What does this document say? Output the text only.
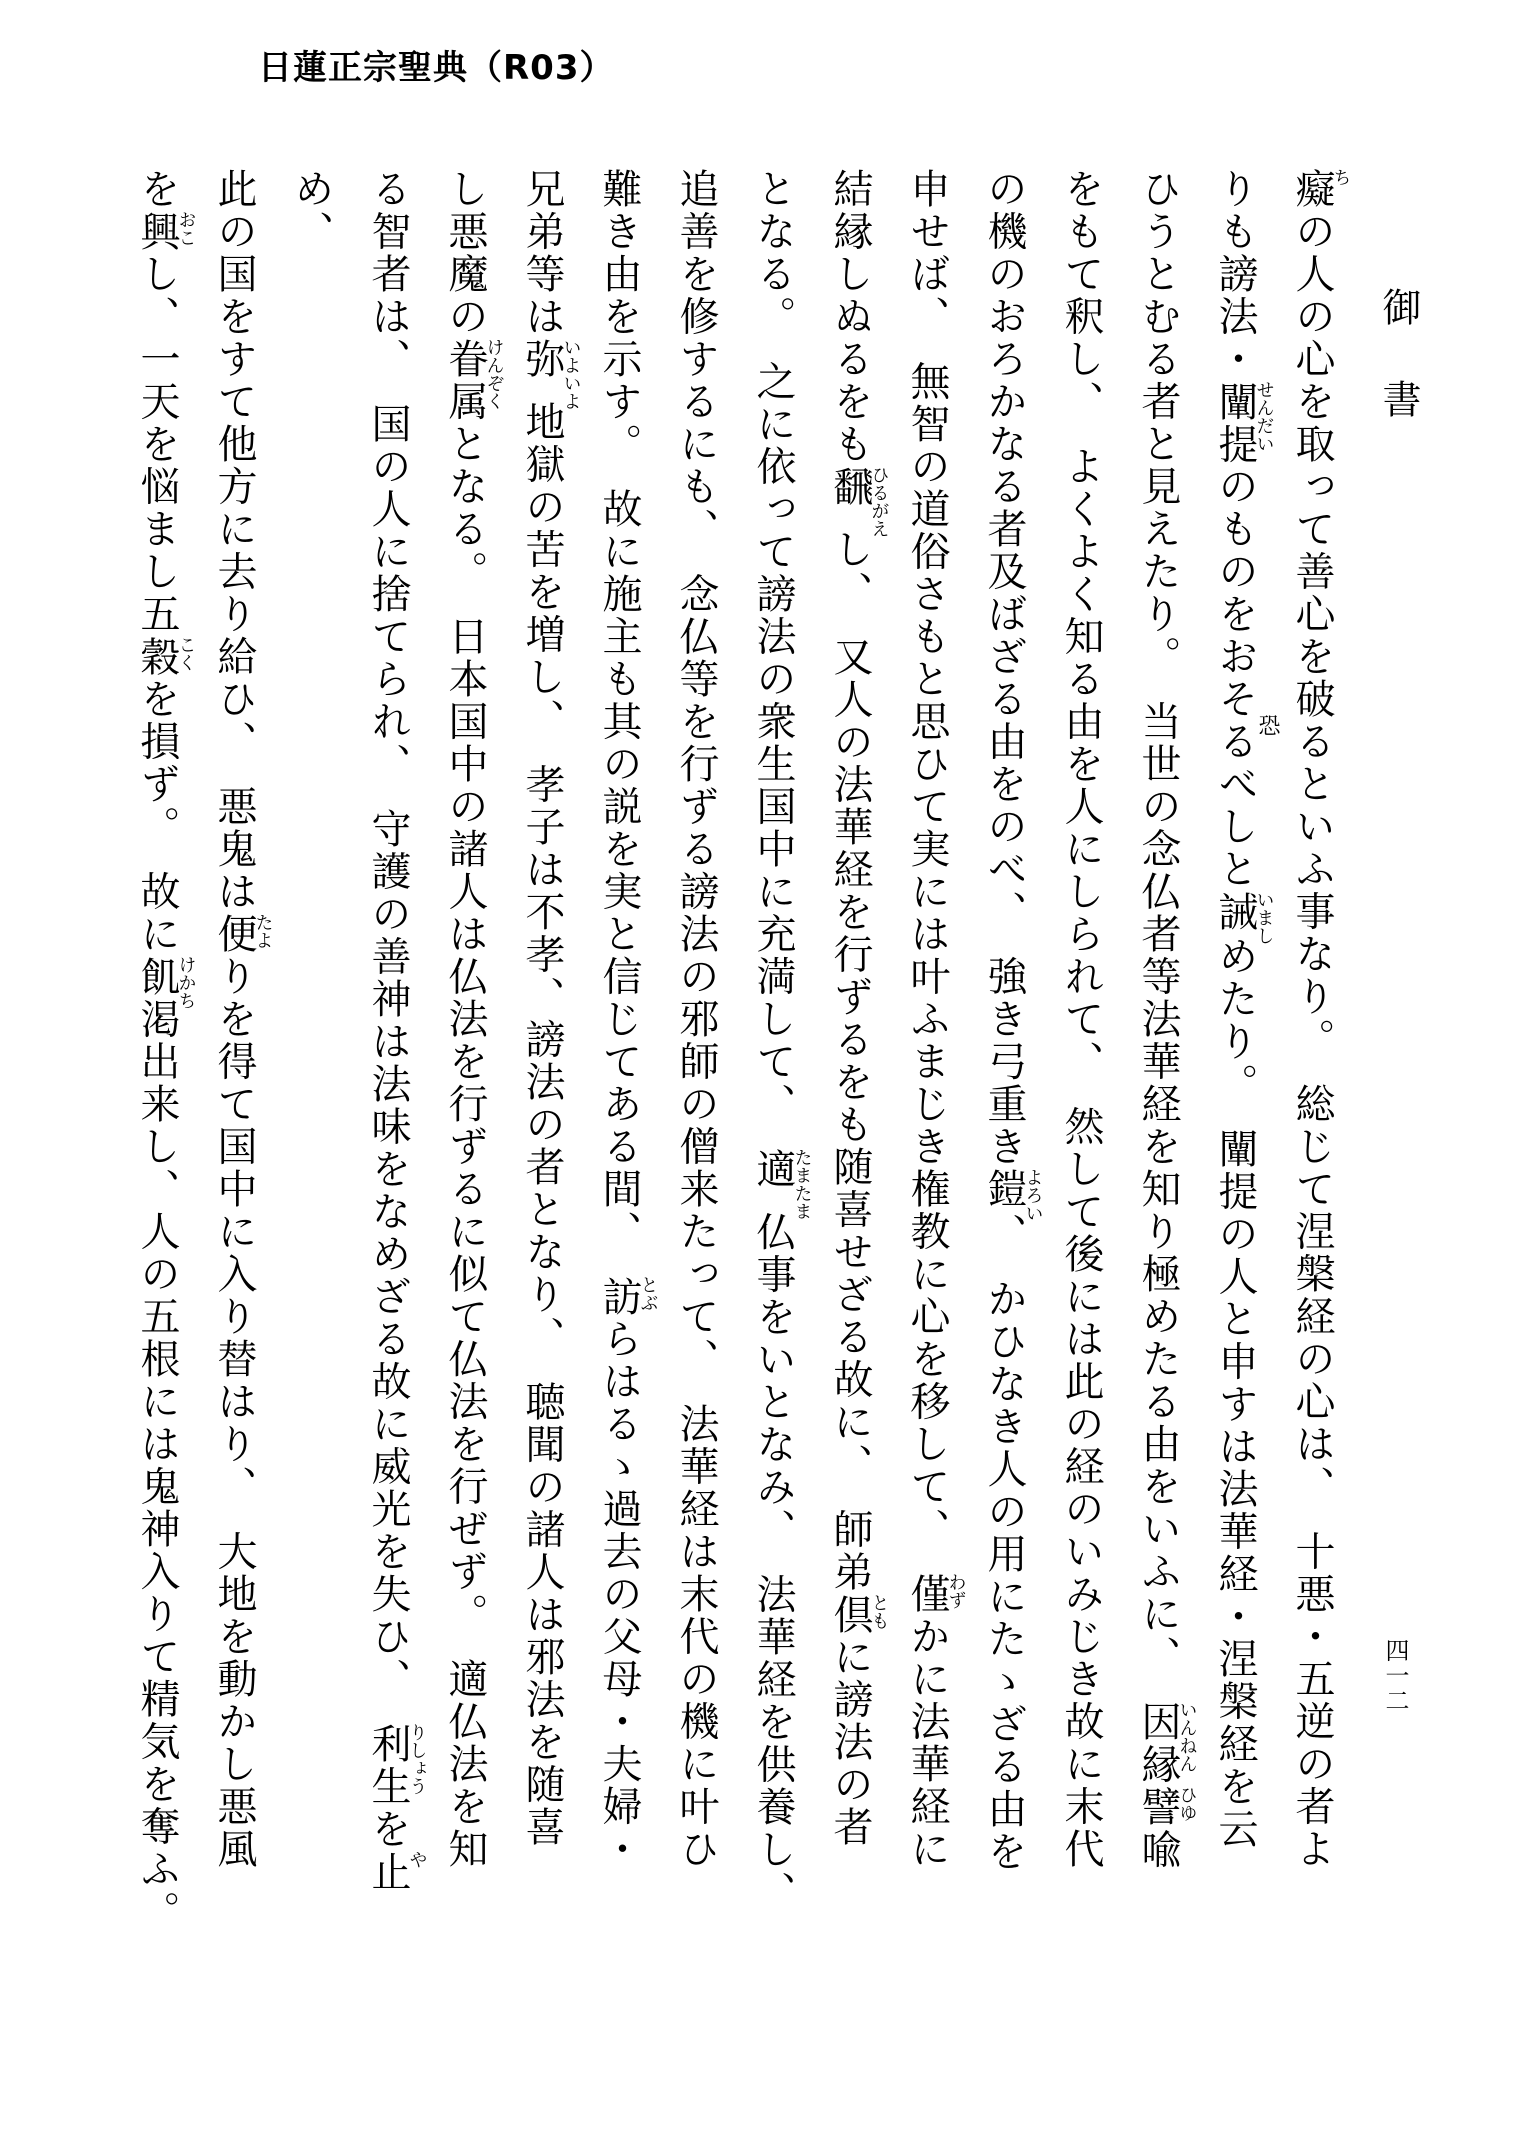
日蓮正宗聖典（R03）
御　書
四一二
恐
癡ちの人の心を取って善心を破るといふ事なり。　総じて涅槃経の心は、　十悪・五逆の者よ
りも謗法・闡提せんだいのものをおそるべしと誡いましめたり。　闡提の人と申すは法華経・涅槃経を云
ひうとむる者と見えたり。　当世の念仏者等法華経を知り極めたる由をいふに、　因縁いんねん譬喩ひゆ
をもて釈し、　よくよく知る由を人にしられて、　然して後には此の経のいみじき故に末代
の機のおろかなる者及ばざる由をのべ、　強き弓重き鎧よろい、　かひなき人の用にたゝざる由を
申せば、　無智の道俗さもと思ひて実には叶ふまじき権教に心を移して、　僅わずかに法華経に
結縁しぬるをも飜ひるがえし、　又人の法華経を行ずるをも随喜せざる故に、　師弟倶ともに謗法の者
となる。　之に依って謗法の衆生国中に充満して、　適たまたま仏事をいとなみ、　法華経を供養し、
追善を修するにも、　念仏等を行ずる謗法の邪師の僧来たって、　法華経は末代の機に叶ひ
難き由を示す。　故に施主も其の説を実と信じてある間、　訪とぶらはるゝ過去の父母・夫婦・
兄弟等は弥いよいよ地獄の苦を増し、　孝子は不孝、謗法の者となり、　聴聞の諸人は邪法を随喜
し悪魔の眷属けんぞくとなる。　日本国中の諸人は仏法を行ずるに似て仏法を行ぜず。　適仏法を知
る智者は、　国の人に捨てられ、　守護の善神は法味をなめざる故に威光を失ひ、　利生りしょうを止やめ、
此の国をすて他方に去り給ひ、　悪鬼は便たよりを得て国中に入り替はり、　大地を動かし悪風
を興おこし、一天を悩まし五穀こくを損ず。　故に飢渇けかち出来し、人の五根には鬼神入りて精気を奪ふ。
